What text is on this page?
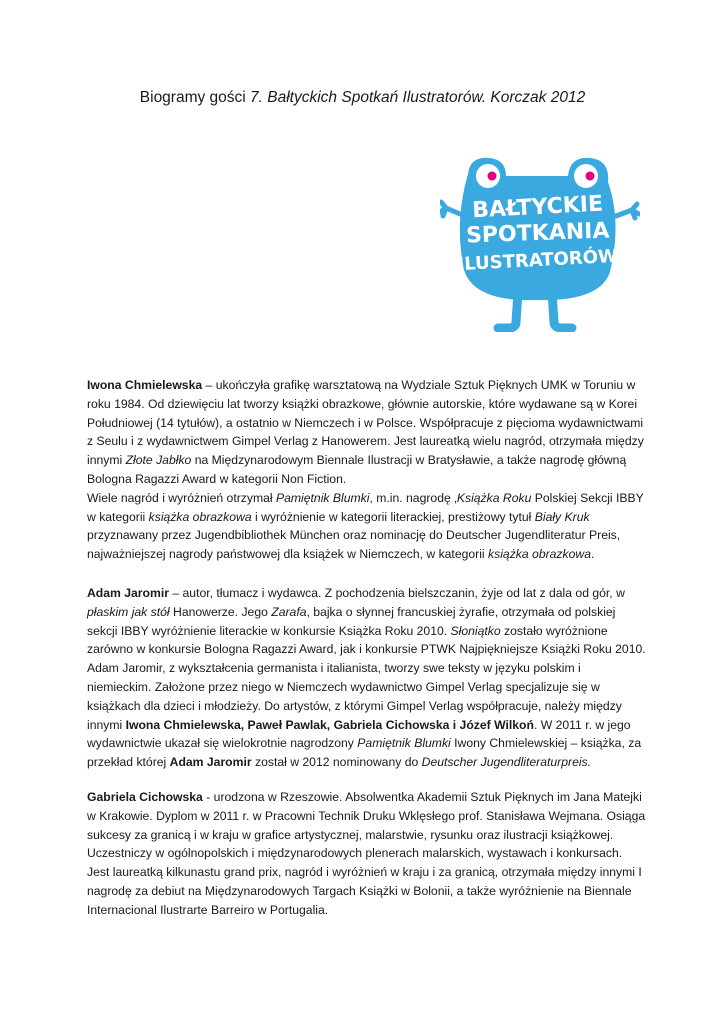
Biogramy gości 7. Bałtyckich Spotkań Ilustratorów. Korczak 2012
BAŁTYCKIE
SPOTKANIA
ILUSTRATORÓW

Iwona Chmielewska – ukończyła grafikę warsztatową na Wydziale Sztuk Pięknych UMK w Toruniu w roku 1984. Od dziewięciu lat tworzy książki obrazkowe, głównie autorskie, które wydawane są w Korei Południowej (14 tytułów), a ostatnio w Niemczech i w Polsce. Współpracuje z pięcioma wydawnictwami z Seulu i z wydawnictwem Gimpel Verlag z Hanowerem. Jest laureatką wielu nagród, otrzymała między innymi Złote Jabłko na Międzynarodowym Biennale Ilustracji w Bratysławie, a także nagrodę główną Bologna Ragazzi Award w kategorii Non Fiction.

Wiele nagród i wyróżnień otrzymał Pamiętnik Blumki, m.in. nagrodę ‚Książka Roku Polskiej Sekcji IBBY w kategorii książka obrazkowa i wyróżnienie w kategorii literackiej, prestiżowy tytuł Biały Kruk przyznawany przez Jugendbibliothek München oraz nominację do Deutscher Jugendliteratur Preis, najważniejszej nagrody państwowej dla książek w Niemczech, w kategorii książka obrazkowa.

Adam Jaromir – autor, tłumacz i wydawca. Z pochodzenia bielszczanin, żyje od lat z dala od gór, w płaskim jak stół Hanowerze. Jego Zarafa, bajka o słynnej francuskiej żyrafie, otrzymała od polskiej sekcji IBBY wyróżnienie literackie w konkursie Książka Roku 2010. Słoniątko zostało wyróżnione zarówno w konkursie Bologna Ragazzi Award, jak i konkursie PTWK Najpiękniejsze Książki Roku 2010. Adam Jaromir, z wykształcenia germanista i italianista, tworzy swe teksty w języku polskim i niemieckim. Założone przez niego w Niemczech wydawnictwo Gimpel Verlag specjalizuje się w książkach dla dzieci i młodzieży. Do artystów, z którymi Gimpel Verlag współpracuje, należy między innymi Iwona Chmielewska, Paweł Pawlak, Gabriela Cichowska i Józef Wilkoń. W 2011 r. w jego wydawnictwie ukazał się wielokrotnie nagrodzony Pamiętnik Blumki Iwony Chmielewskiej – książka, za przekład której Adam Jaromir został w 2012 nominowany do Deutscher Jugendliteraturpreis.

Gabriela Cichowska - urodzona w Rzeszowie. Absolwentka Akademii Sztuk Pięknych im Jana Matejki w Krakowie. Dyplom w 2011 r. w Pracowni Technik Druku Wklęsłego prof. Stanisława Wejmana. Osiąga sukcesy za granicą i w kraju w grafice artystycznej, malarstwie, rysunku oraz ilustracji książkowej. Uczestniczy w ogólnopolskich i międzynarodowych plenerach malarskich, wystawach i konkursach. Jest laureatką kilkunastu grand prix, nagród i wyróżnień w kraju i za granicą, otrzymała między innymi I nagrodę za debiut na Międzynarodowych Targach Książki w Bolonii, a także wyróżnienie na Biennale Internacional Ilustrarte Barreiro w Portugalia.
